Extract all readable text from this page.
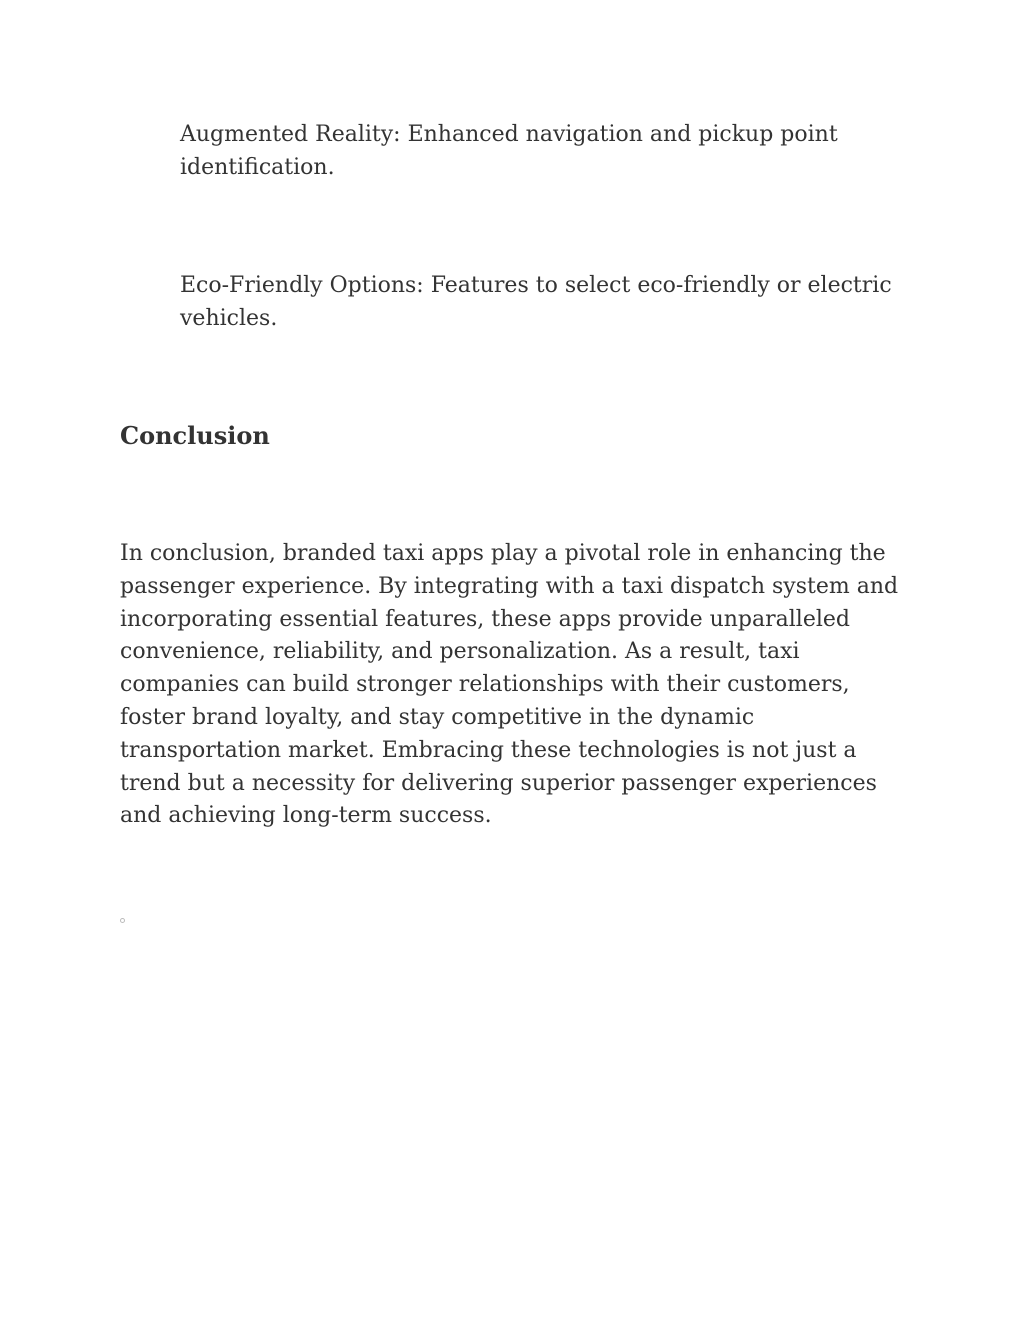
Augmented Reality: Enhanced navigation and pickup point identification.

Eco-Friendly Options: Features to select eco-friendly or electric vehicles.

Conclusion

In conclusion, branded taxi apps play a pivotal role in enhancing the passenger experience. By integrating with a taxi dispatch system and incorporating essential features, these apps provide unparalleled convenience, reliability, and personalization. As a result, taxi companies can build stronger relationships with their customers, foster brand loyalty, and stay competitive in the dynamic transportation market. Embracing these technologies is not just a trend but a necessity for delivering superior passenger experiences and achieving long-term success.
